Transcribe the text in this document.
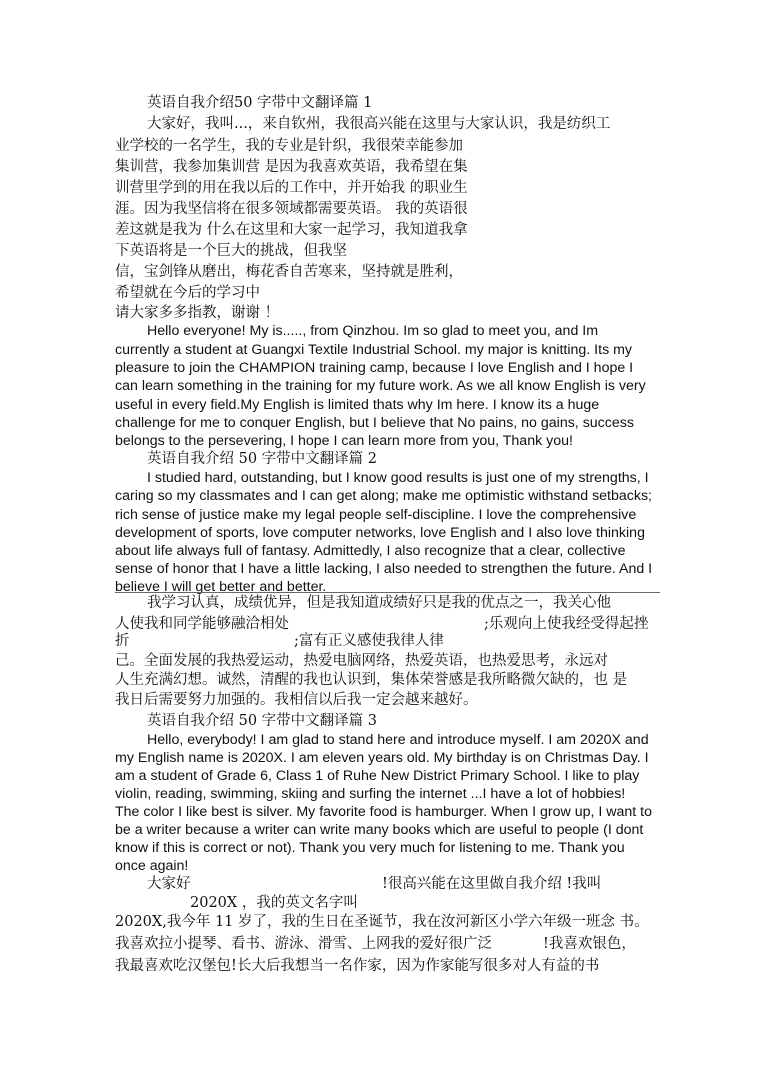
英语自我介绍50 字带中文翻译篇 1
大家好，我叫...，来自钦州，我很高兴能在这里与大家认识，我是纺织工
业学校的一名学生，我的专业是针织，我很荣幸能参加
集训营，我参加集训营 是因为我喜欢英语，我希望在集
训营里学到的用在我以后的工作中，并开始我 的职业生
涯。因为我坚信将在很多领域都需要英语。 我的英语很
差这就是我为 什么在这里和大家一起学习，我知道我拿
下英语将是一个巨大的挑战，但我坚
信，宝剑锋从磨出，梅花香自苦寒来，坚持就是胜利，
希望就在今后的学习中
请大家多多指教，谢谢 ！
Hello everyone! My is....., from Qinzhou. Im so glad to meet you, and Im
currently a student at Guangxi Textile Industrial School. my major is knitting. Its my
pleasure to join the CHAMPION training camp, because I love English and I hope I
can learn something in the training for my future work. As we all know English is very
useful in every field.My English is limited thats why Im here. I know its a huge
challenge for me to conquer English, but I believe that No pains, no gains, success
belongs to the persevering, I hope I can learn more from you, Thank you!
英语自我介绍 50 字带中文翻译篇 2
I studied hard, outstanding, but I know good results is just one of my strengths, I
caring so my classmates and I can get along; make me optimistic withstand setbacks;
rich sense of justice make my legal people self-discipline. I love the comprehensive
development of sports, love computer networks, love English and I also love thinking
about life always full of fantasy. Admittedly, I also recognize that a clear, collective
sense of honor that I have a little lacking, I also needed to strengthen the future. And I
believe I will get better and better.
我学习认真，成绩优异，但是我知道成绩好只是我的优点之一，我关心他
人使我和同学能够融洽相处	;乐观向上使我经受得起挫
折	;富有正义感使我律人律
己。全面发展的我热爱运动，热爱电脑网络，热爱英语，也热爱思考，永远对
人生充满幻想。诚然，清醒的我也认识到，集体荣誉感是我所略微欠缺的，也 是
我日后需要努力加强的。我相信以后我一定会越来越好。
英语自我介绍 50 字带中文翻译篇 3
Hello, everybody! I am glad to stand here and introduce myself. I am 2020X and
my English name is 2020X. I am eleven years old. My birthday is on Christmas Day. I
am a student of Grade 6, Class 1 of Ruhe New District Primary School. I like to play
violin, reading, swimming, skiing and surfing the internet ...I have a lot of hobbies!
The color I like best is silver. My favorite food is hamburger. When I grow up, I want to
be a writer because a writer can write many books which are useful to people (I dont
know if this is correct or not). Thank you very much for listening to me. Thank you
once again!
大家好	!很高兴能在这里做自我介绍 !我叫
2020X ，我的英文名字叫
2020X,我今年 11 岁了，我的生日在圣诞节，我在汝河新区小学六年级一班念 书。
我喜欢拉小提琴、看书、游泳、滑雪、上网我的爱好很广泛	!我喜欢银色，
我最喜欢吃汉堡包!长大后我想当一名作家，因为作家能写很多对人有益的书
